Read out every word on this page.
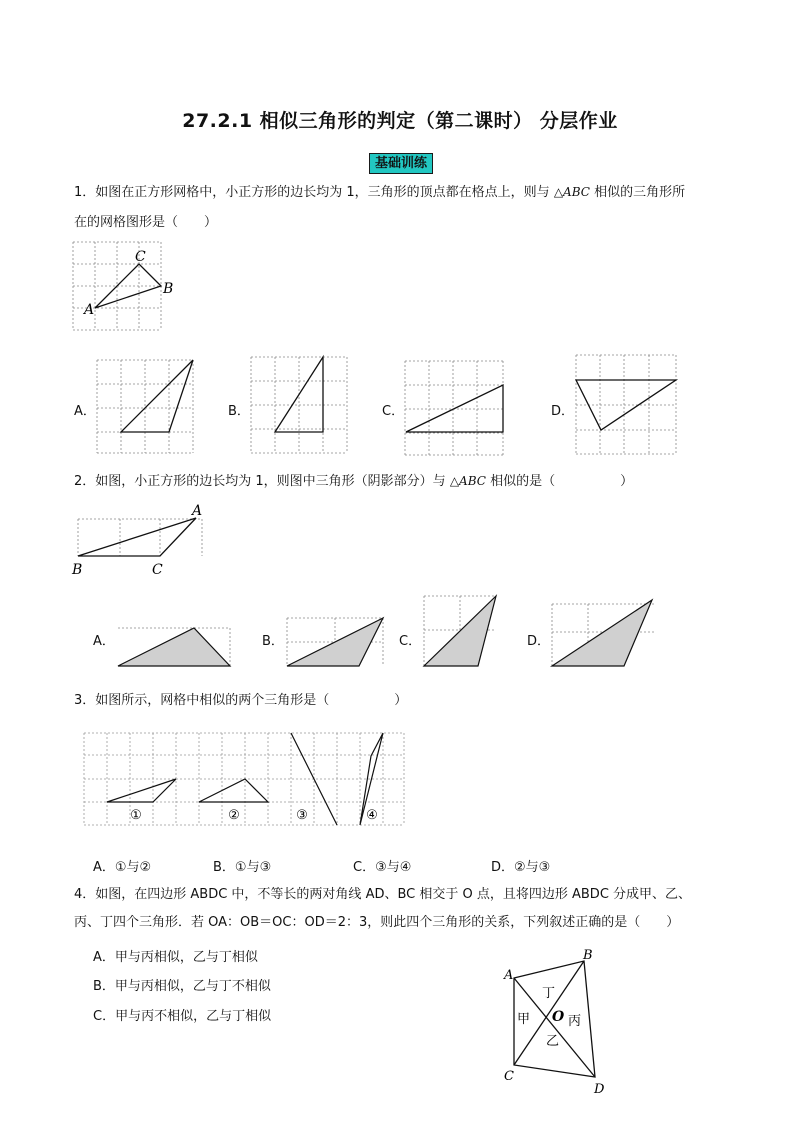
27.2.1 相似三角形的判定（第二课时） 分层作业
基础训练
1．如图在正方形网格中，小正方形的边长均为 1，三角形的顶点都在格点上，则与 △ABC 相似的三角形所
在的网格图形是（　　）
C
B
A
A．	B．	C．	D．
2．如图，小正方形的边长均为 1，则图中三角形（阴影部分）与 △ABC 相似的是（　　　　　）
A
B	C
A．	B．	C．	D．
3．如图所示，网格中相似的两个三角形是（　　　　　）
①	②	③	④
A．①与②	B．①与③	C．③与④	D．②与③
4．如图，在四边形 ABDC 中，不等长的两对角线 AD、BC 相交于 O 点，且将四边形 ABDC 分成甲、乙、
丙、丁四个三角形．若 OA：OB＝OC：OD＝2：3，则此四个三角形的关系，下列叙述正确的是（　　）
A．甲与丙相似，乙与丁相似
B．甲与丙相似，乙与丁不相似
C．甲与丙不相似，乙与丁相似
A
B
C
D
O
甲
乙
丙
丁
